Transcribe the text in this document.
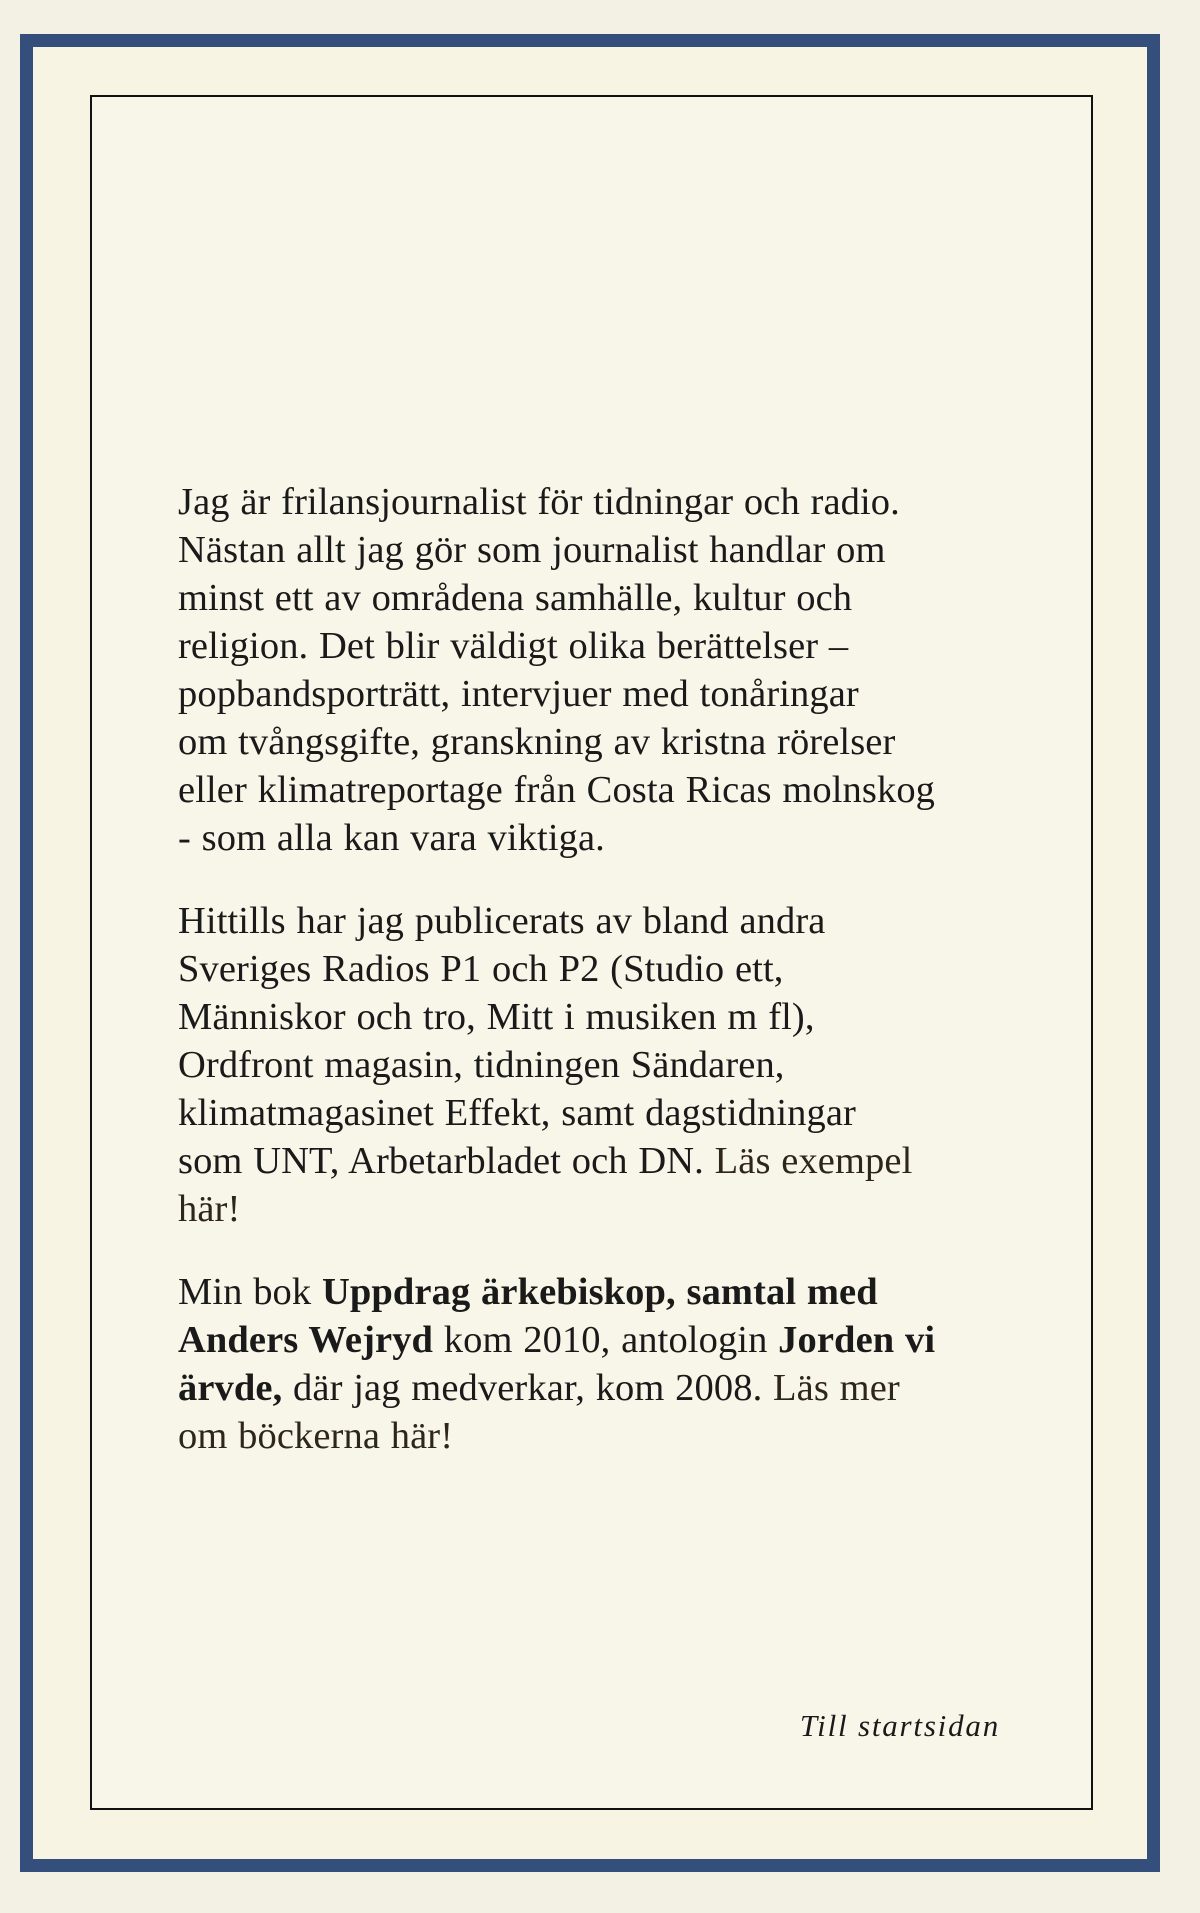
Jag är frilansjournalist för tidningar och radio.
Nästan allt jag gör som journalist handlar om
minst ett av områdena samhälle, kultur och
religion. Det blir väldigt olika berättelser –
popbandsporträtt, intervjuer med tonåringar
om tvångsgifte, granskning av kristna rörelser
eller klimatreportage från Costa Ricas molnskog
- som alla kan vara viktiga.

Hittills har jag publicerats av bland andra
Sveriges Radios P1 och P2 (Studio ett,
Människor och tro, Mitt i musiken m fl),
Ordfront magasin, tidningen Sändaren,
klimatmagasinet Effekt, samt dagstidningar
som UNT, Arbetarbladet och DN. Läs exempel
här!

Min bok Uppdrag ärkebiskop, samtal med
Anders Wejryd kom 2010, antologin Jorden vi
ärvde, där jag medverkar, kom 2008. Läs mer
om böckerna här!

Till startsidan
